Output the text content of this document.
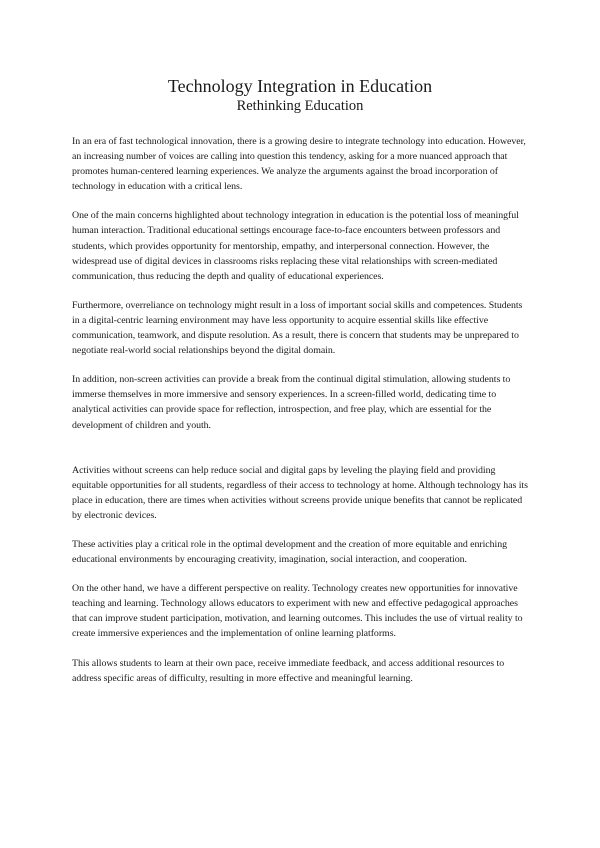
Technology Integration in Education
Rethinking Education

In an era of fast technological innovation, there is a growing desire to integrate technology into education. However, an increasing number of voices are calling into question this tendency, asking for a more nuanced approach that promotes human-centered learning experiences. We analyze the arguments against the broad incorporation of technology in education with a critical lens.

One of the main concerns highlighted about technology integration in education is the potential loss of meaningful human interaction. Traditional educational settings encourage face-to-face encounters between professors and students, which provides opportunity for mentorship, empathy, and interpersonal connection. However, the widespread use of digital devices in classrooms risks replacing these vital relationships with screen-mediated communication, thus reducing the depth and quality of educational experiences.

Furthermore, overreliance on technology might result in a loss of important social skills and competences. Students in a digital-centric learning environment may have less opportunity to acquire essential skills like effective communication, teamwork, and dispute resolution. As a result, there is concern that students may be unprepared to negotiate real-world social relationships beyond the digital domain.

In addition, non-screen activities can provide a break from the continual digital stimulation, allowing students to immerse themselves in more immersive and sensory experiences. In a screen-filled world, dedicating time to analytical activities can provide space for reflection, introspection, and free play, which are essential for the development of children and youth.

Activities without screens can help reduce social and digital gaps by leveling the playing field and providing equitable opportunities for all students, regardless of their access to technology at home. Although technology has its place in education, there are times when activities without screens provide unique benefits that cannot be replicated by electronic devices.

These activities play a critical role in the optimal development and the creation of more equitable and enriching educational environments by encouraging creativity, imagination, social interaction, and cooperation.

On the other hand, we have a different perspective on reality. Technology creates new opportunities for innovative teaching and learning. Technology allows educators to experiment with new and effective pedagogical approaches that can improve student participation, motivation, and learning outcomes. This includes the use of virtual reality to create immersive experiences and the implementation of online learning platforms.

This allows students to learn at their own pace, receive immediate feedback, and access additional resources to address specific areas of difficulty, resulting in more effective and meaningful learning.
